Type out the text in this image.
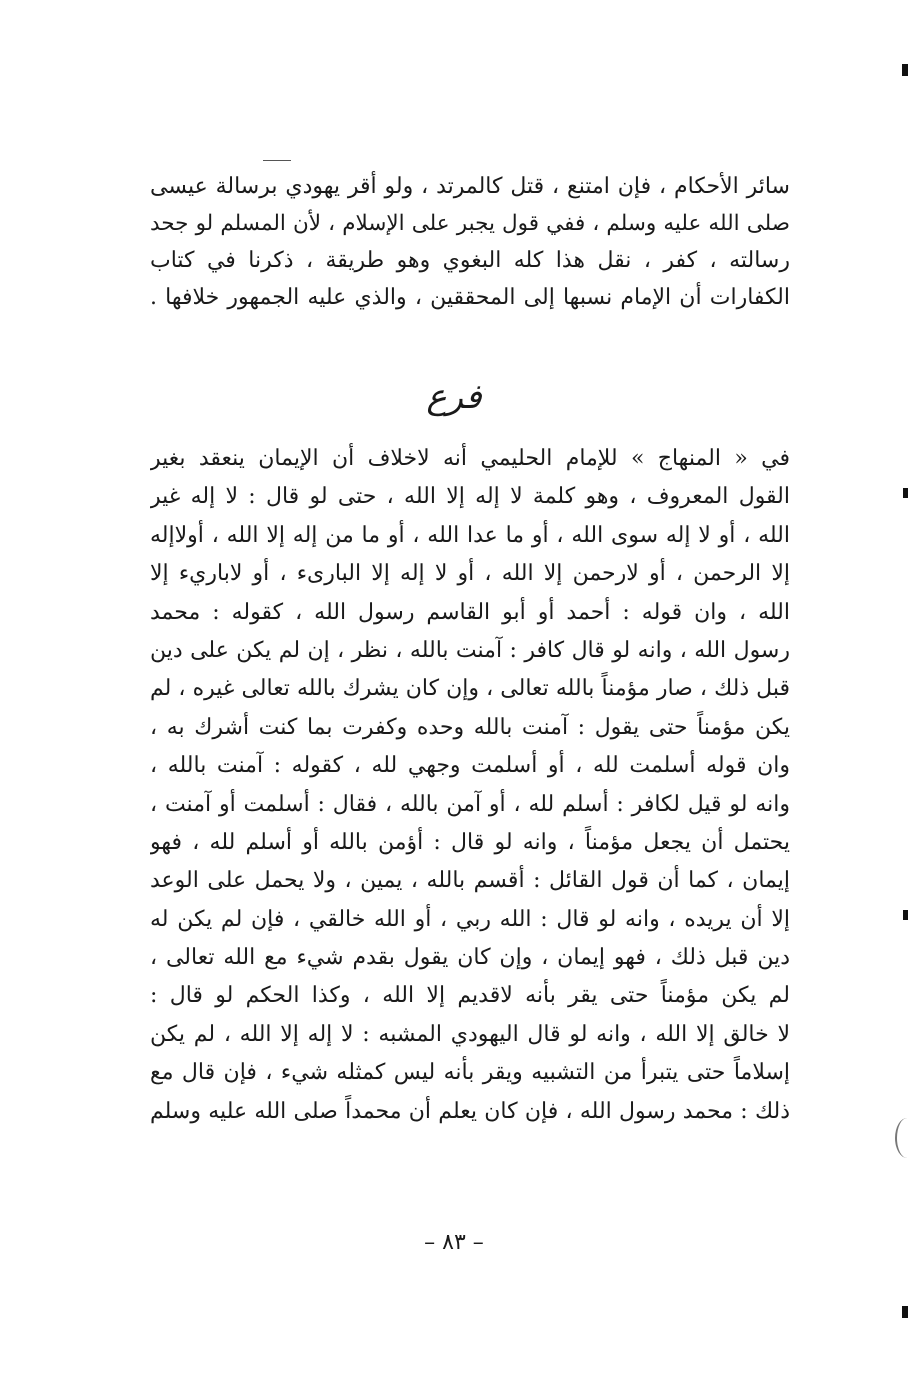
سائر الأحكام ، فإن امتنع ، قتل كالمرتد ، ولو أقر يهودي برسالة عيسى
صلى الله عليه وسلم ، ففي قول يجبر على الإسلام ، لأن المسلم لو جحد
رسالته ، كفر ، نقل هذا كله البغوي وهو طريقة ، ذكرنا في كتاب
الكفارات أن الإمام نسبها إلى المحققين ، والذي عليه الجمهور خلافها .
فرع
في « المنهاج » للإمام الحليمي أنه لاخلاف أن الإيمان ينعقد بغير
القول المعروف ، وهو كلمة لا إله إلا الله ، حتى لو قال : لا إله غير
الله ، أو لا إله سوى الله ، أو ما عدا الله ، أو ما من إله إلا الله ، أولاإله
إلا الرحمن ، أو لارحمن إلا الله ، أو لا إله إلا البارىء ، أو لاباريء إلا
الله ، وان قوله : أحمد أو أبو القاسم رسول الله ، كقوله : محمد
رسول الله ، وانه لو قال كافر : آمنت بالله ، نظر ، إن لم يكن على دين
قبل ذلك ، صار مؤمناً بالله تعالى ، وإن كان يشرك بالله تعالى غيره ، لم
يكن مؤمناً حتى يقول : آمنت بالله وحده وكفرت بما كنت أشرك به ،
وان قوله أسلمت لله ، أو أسلمت وجهي لله ، كقوله : آمنت بالله ،
وانه لو قيل لكافر : أسلم لله ، أو آمن بالله ، فقال : أسلمت أو آمنت ،
يحتمل أن يجعل مؤمناً ، وانه لو قال : أؤمن بالله أو أسلم لله ، فهو
إيمان ، كما أن قول القائل : أقسم بالله ، يمين ، ولا يحمل على الوعد
إلا أن يريده ، وانه لو قال : الله ربي ، أو الله خالقي ، فإن لم يكن له
دين قبل ذلك ، فهو إيمان ، وإن كان يقول بقدم شيء مع الله تعالى ،
لم يكن مؤمناً حتى يقر بأنه لاقديم إلا الله ، وكذا الحكم لو قال :
لا خالق إلا الله ، وانه لو قال اليهودي المشبه : لا إله إلا الله ، لم يكن
إسلاماً حتى يتبرأ من التشبيه ويقر بأنه ليس كمثله شيء ، فإن قال مع
ذلك : محمد رسول الله ، فإن كان يعلم أن محمداً صلى الله عليه وسلم
– ٨٣ –
